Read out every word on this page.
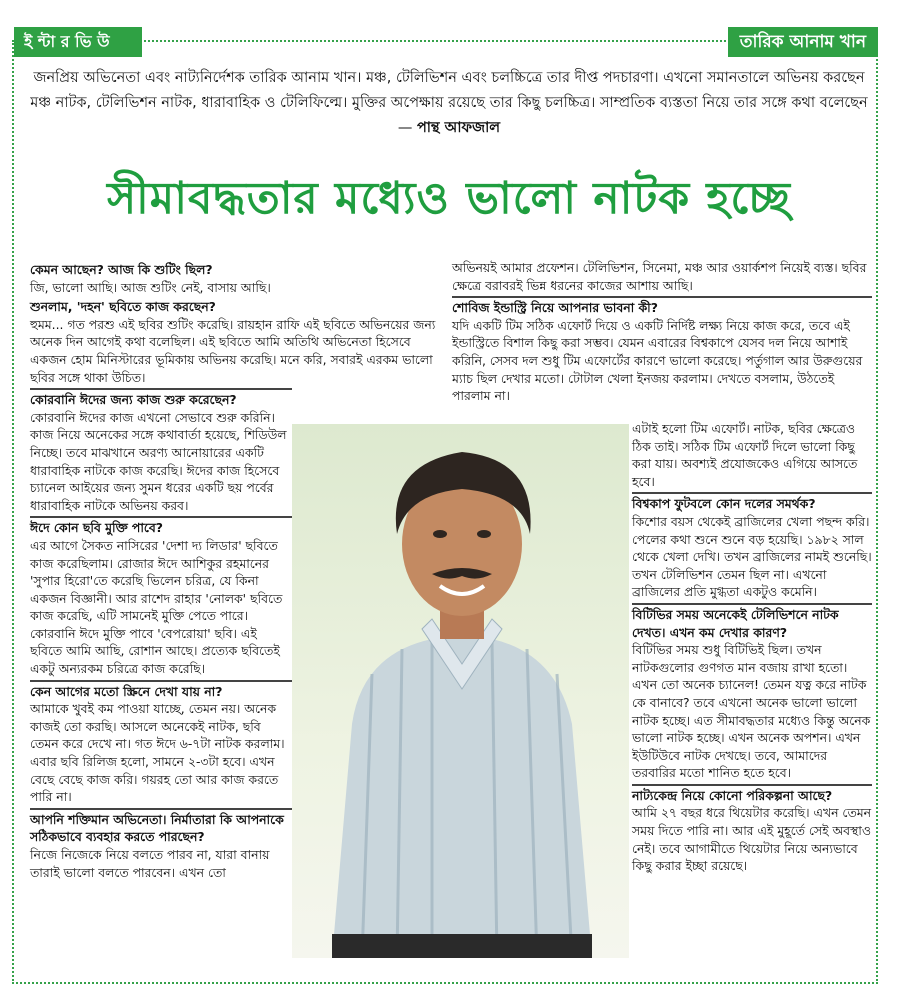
ই ন্টা র ভি উ	তারিক আনাম খান
জনপ্রিয় অভিনেতা এবং নাট্যনির্দেশক তারিক আনাম খান। মঞ্চ, টেলিভিশন এবং চলচ্চিত্রে তার দীপ্ত পদচারণা। এখনো সমানতালে অভিনয় করছেন মঞ্চ নাটক, টেলিভিশন নাটক, ধারাবাহিক ও টেলিফিল্মে। মুক্তির অপেক্ষায় রয়েছে তার কিছু চলচ্চিত্র। সাম্প্রতিক ব্যস্ততা নিয়ে তার সঙ্গে কথা বলেছেন— পান্থ আফজাল
সীমাবদ্ধতার মধ্যেও ভালো নাটক হচ্ছে
কেমন আছেন? আজ কি শুটিং ছিল?
জি, ভালো আছি। আজ শুটিং নেই, বাসায় আছি।
শুনলাম, 'দহন' ছবিতে কাজ করছেন?
হুমম... গত পরশু এই ছবির শুটিং করেছি। রায়হান রাফি এই ছবিতে অভিনয়ের জন্য অনেক দিন আগেই কথা বলেছিল। এই ছবিতে আমি অতিথি অভিনেতা হিসেবে একজন হোম মিনিস্টারের ভূমিকায় অভিনয় করেছি। মনে করি, সবারই এরকম ভালো ছবির সঙ্গে থাকা উচিত।
কোরবানি ঈদের জন্য কাজ শুরু করেছেন?
কোরবানি ঈদের কাজ এখনো সেভাবে শুরু করিনি। কাজ নিয়ে অনেকের সঙ্গে কথাবার্তা হয়েছে, শিডিউল নিচ্ছে। তবে মাঝখানে অরণ্য আনোয়ারের একটি ধারাবাহিক নাটকে কাজ করেছি। ঈদের কাজ হিসেবে চ্যানেল আইয়ের জন্য সুমন ধরের একটি ছয় পর্বের ধারাবাহিক নাটকে অভিনয় করব।
ঈদে কোন ছবি মুক্তি পাবে?
এর আগে সৈকত নাসিরের 'দেশা দ্য লিডার' ছবিতে কাজ করেছিলাম। রোজার ঈদে আশিকুর রহমানের 'সুপার হিরো'তে করেছি ভিলেন চরিত্র, যে কিনা একজন বিজ্ঞানী। আর রাশেদ রাহার 'নোলক' ছবিতে কাজ করেছি, এটি সামনেই মুক্তি পেতে পারে। কোরবানি ঈদে মুক্তি পাবে 'বেপরোয়া' ছবি। এই ছবিতে আমি আছি, রোশান আছে। প্রত্যেক ছবিতেই একটু অন্যরকম চরিত্রে কাজ করেছি।
কেন আগের মতো স্ক্রিনে দেখা যায় না?
আমাকে খুবই কম পাওয়া যাচ্ছে, তেমন নয়। অনেক কাজই তো করছি। আসলে অনেকেই নাটক, ছবি তেমন করে দেখে না। গত ঈদে ৬-৭টা নাটক করলাম। এবার ছবি রিলিজ হলো, সামনে ২-৩টা হবে। এখন বেছে বেছে কাজ করি। গয়রহ তো আর কাজ করতে পারি না।
আপনি শক্তিমান অভিনেতা। নির্মাতারা কি আপনাকে সঠিকভাবে ব্যবহার করতে পারছেন?
নিজে নিজেকে নিয়ে বলতে পারব না, যারা বানায় তারাই ভালো বলতে পারবেন। এখন তো
অভিনয়ই আমার প্রফেশন। টেলিভিশন, সিনেমা, মঞ্চ আর ওয়ার্কশপ নিয়েই ব্যস্ত। ছবির ক্ষেত্রে বরাবরই ভিন্ন ধরনের কাজের আশায় আছি।
শোবিজ ইন্ডাস্ট্রি নিয়ে আপনার ভাবনা কী?
যদি একটি টিম সঠিক এফোর্ট দিয়ে ও একটি নির্দিষ্ট লক্ষ্য নিয়ে কাজ করে, তবে এই ইন্ডাস্ট্রিতে বিশাল কিছু করা সম্ভব। যেমন এবারের বিশ্বকাপে যেসব দল নিয়ে আশাই করিনি, সেসব দল শুধু টিম এফোর্টের কারণে ভালো করেছে। পর্তুগাল আর উরুগুয়ের ম্যাচ ছিল দেখার মতো। টোটাল খেলা ইনজয় করলাম। দেখতে বসলাম, উঠতেই পারলাম না।
এটাই হলো টিম এফোর্ট। নাটক, ছবির ক্ষেত্রেও ঠিক তাই। সঠিক টিম এফোর্ট দিলে ভালো কিছু করা যায়। অবশ্যই প্রযোজকেও এগিয়ে আসতে হবে।
বিশ্বকাপ ফুটবলে কোন দলের সমর্থক?
কিশোর বয়স থেকেই ব্রাজিলের খেলা পছন্দ করি। পেলের কথা শুনে শুনে বড় হয়েছি। ১৯৮২ সাল থেকে খেলা দেখি। তখন ব্রাজিলের নামই শুনেছি। তখন টেলিভিশন তেমন ছিল না। এখনো ব্রাজিলের প্রতি মুগ্ধতা একটুও কমেনি।
বিটিভির সময় অনেকেই টেলিভিশনে নাটক দেখত। এখন কম দেখার কারণ?
বিটিভির সময় শুধু বিটিভিই ছিল। তখন নাটকগুলোর গুণগত মান বজায় রাখা হতো। এখন তো অনেক চ্যানেল! তেমন যত্ন করে নাটক কে বানাবে? তবে এখনো অনেক ভালো ভালো নাটক হচ্ছে। এত সীমাবদ্ধতার মধ্যেও কিন্তু অনেক ভালো নাটক হচ্ছে। এখন অনেক অপশন। এখন ইউটিউবে নাটক দেখছে। তবে, আমাদের তরবারির মতো শানিত হতে হবে।
নাট্যকেন্দ্র নিয়ে কোনো পরিকল্পনা আছে?
আমি ২৭ বছর ধরে থিয়েটার করেছি। এখন তেমন সময় দিতে পারি না। আর এই মুহূর্তে সেই অবস্থাও নেই। তবে আগামীতে থিয়েটার নিয়ে অন্যভাবে কিছু করার ইচ্ছা রয়েছে।
